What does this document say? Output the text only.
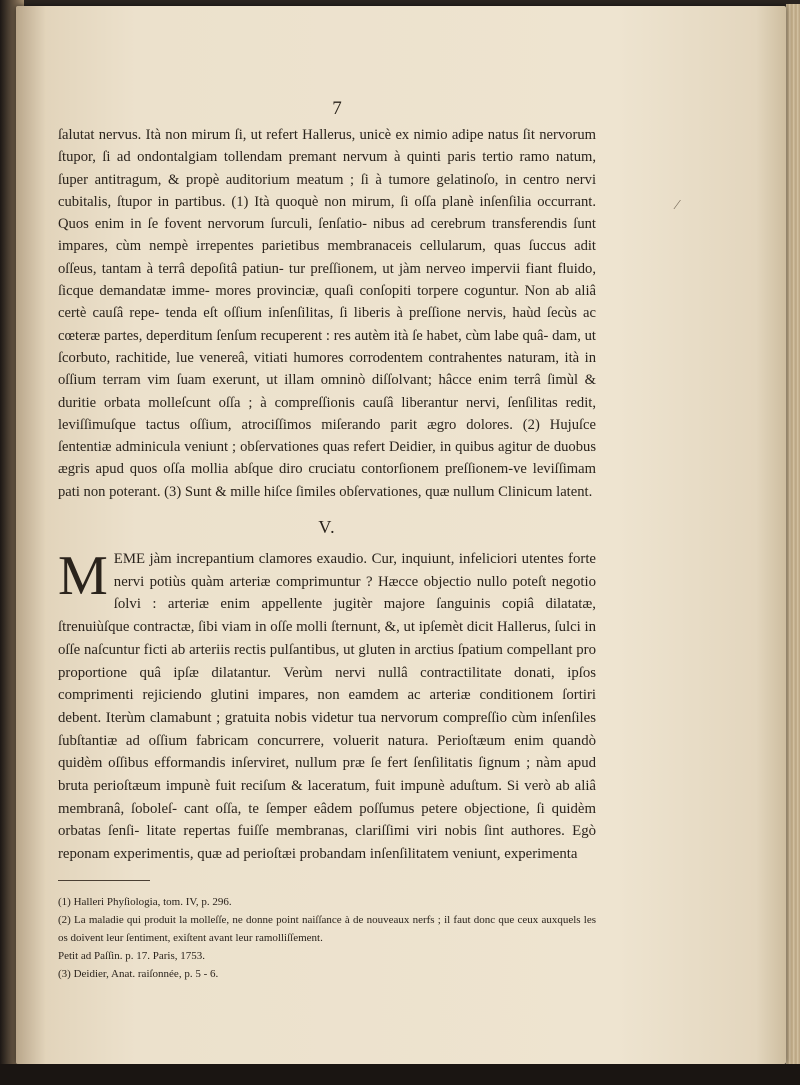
7

ſalutat nervus. Ità non mirum ſi, ut refert Hallerus, unicè ex nimio adipe natus ſit nervorum ſtupor, ſi ad ondontalgiam tollendam premant nervum à quinti paris tertio ramo natum, ſuper antitragum, & propè auditorium meatum ; ſi à tumore gelatinoſo, in centro nervi cubitalis, ſtupor in partibus. (1) Ità quoquè non mirum, ſi oſſa planè inſenſilia occurrant. Quos enim in ſe fovent nervorum ſurculi, ſenſatio- nibus ad cerebrum transferendis ſunt impares, cùm nempè irrepentes parietibus membranaceis cellularum, quas ſuccus adit oſſeus, tantam à terrâ depoſitâ patiun- tur preſſionem, ut jàm nerveo impervii fiant fluido, ſicque demandatæ imme- mores provinciæ, quaſi conſopiti torpere coguntur. Non ab aliâ certè cauſâ repe- tenda eſt oſſium inſenſilitas, ſi liberis à preſſione nervis, haùd ſecùs ac cœteræ partes, deperditum ſenſum recuperent : res autèm ità ſe habet, cùm labe quâ- dam, ut ſcorbuto, rachitide, lue venereâ, vitiati humores corrodentem contrahentes naturam, ità in oſſium terram vim ſuam exerunt, ut illam omninò diſſolvant; hâcce enim terrâ ſimùl & duritie orbata molleſcunt oſſa ; à compreſſionis cauſâ liberantur nervi, ſenſilitas redit, leviſſimuſque tactus oſſium, atrociſſimos miſerando parit ægro dolores. (2) Hujuſce ſententiæ adminicula veniunt ; obſervationes quas refert Deidier, in quibus agitur de duobus ægris apud quos oſſa mollia abſque diro cruciatu contorſionem preſſionem-ve leviſſimam pati non poterant. (3) Sunt & mille hiſce ſimiles obſervationes, quæ nullum Clinicum latent.

V.

M EME jàm increpantium clamores exaudio. Cur, inquiunt, infeliciori utentes forte nervi potiùs quàm arteriæ comprimuntur ? Hæcce objectio nullo poteſt negotio ſolvi : arteriæ enim appellente jugitèr majore ſanguinis copiâ dilatatæ, ſtrenuiùſque contractæ, ſibi viam in oſſe molli ſternunt, &, ut ipſemèt dicit Hallerus, ſulci in oſſe naſcuntur ficti ab arteriis rectis pulſantibus, ut gluten in arctius ſpatium compellant pro proportione quâ ipſæ dilatantur. Verùm nervi nullâ contractilitate donati, ipſos comprimenti rejiciendo glutini impares, non eamdem ac arteriæ conditionem ſortiri debent. Iterùm clamabunt ; gratuita nobis videtur tua nervorum compreſſio cùm inſenſiles ſubſtantiæ ad oſſium fabricam concurrere, voluerit natura. Perioſtæum enim quandò quidèm oſſibus efformandis inſerviret, nullum præ ſe fert ſenſilitatis ſignum ; nàm apud bruta perioſtæum impunè fuit reciſum & laceratum, fuit impunè aduſtum. Si verò ab aliâ membranâ, ſoboleſ- cant oſſa, te ſemper eâdem poſſumus petere objectione, ſi quidèm orbatas ſenſi- litate repertas fuiſſe membranas, clariſſimi viri nobis ſint authores. Egò reponam experimentis, quæ ad perioſtæi probandam inſenſilitatem veniunt, experimenta

(1) Halleri Phyſiologia, tom. IV, p. 296.

(2) La maladie qui produit la molleſſe, ne donne point naiſſance à de nouveaux nerfs ; il faut donc que ceux auxquels les os doivent leur ſentiment, exiſtent avant leur ramolliſſement.

Petit ad Paſſin. p. 17. Paris, 1753.

(3) Deidier, Anat. raiſonnée, p. 5 - 6.

⁄
